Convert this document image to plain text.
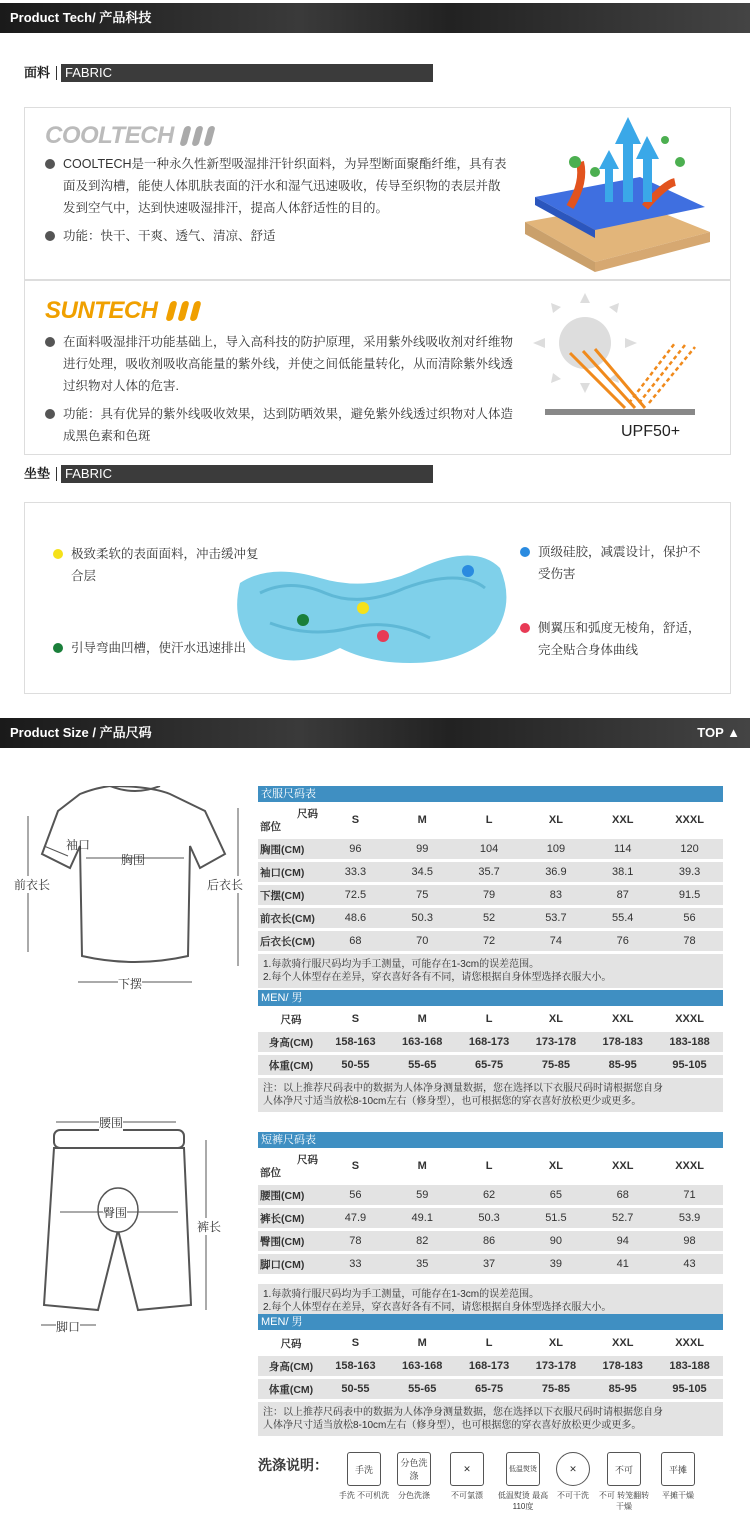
Product Tech/ 产品科技
面料	FABRIC
COOLTECH
COOLTECH是一种永久性新型吸湿排汗针织面料，为异型断面聚酯纤维，具有表面及到沟槽，能使人体肌肤表面的汗水和湿气迅速吸收，传导至织物的表层并散发到空气中，达到快速吸湿排汗，提高人体舒适性的目的。
功能：快干、干爽、透气、清凉、舒适
SUNTECH
在面料吸湿排汗功能基础上，导入高科技的防护原理，采用紫外线吸收剂对纤维物进行处理，吸收剂吸收高能量的紫外线，并使之间低能量转化，从而清除紫外线透过织物对人体的危害.
功能：具有优异的紫外线吸收效果，达到防晒效果，避免紫外线透过织物对人体造成黑色素和色斑	UPF50+
坐垫	FABRIC
极致柔软的表面面料，冲击缓冲复合层
引导弯曲凹槽，使汗水迅速排出
顶级硅胶，减震设计，保护不受伤害
侧翼压和弧度无棱角，舒适，完全贴合身体曲线
Product Size / 产品尺码	TOP ▲
袖口
胸围
前衣长	后衣长
下摆
腰围
臀围
裤长
脚口
衣服尺码表
尺码
部位
S	M	L	XL	XXL	XXXL
胸围(CM)	96	99	104	109	114	120
袖口(CM)	33.3	34.5	35.7	36.9	38.1	39.3
下摆(CM)	72.5	75	79	83	87	91.5
前衣长(CM)	48.6	50.3	52	53.7	55.4	56
后衣长(CM)	68	70	72	74	76	78
1.每款骑行服尺码均为手工测量，可能存在1-3cm的误差范围。
2.每个人体型存在差异，穿衣喜好各有不同，请您根据自身体型选择衣服大小。
MEN/ 男
尺码	S	M	L	XL	XXL	XXXL
身高(CM)	158-163	163-168	168-173	173-178	178-183	183-188
体重(CM)	50-55	55-65	65-75	75-85	85-95	95-105
注：以上推荐尺码表中的数据为人体净身测量数据，您在选择以下衣服尺码时请根据您自身
人体净尺寸适当放松8-10cm左右（修身型），也可根据您的穿衣喜好放松更少或更多。
短裤尺码表
尺码
部位
S	M	L	XL	XXL	XXXL
腰围(CM)	56	59	62	65	68	71
裤长(CM)	47.9	49.1	50.3	51.5	52.7	53.9
臀围(CM)	78	82	86	90	94	98
脚口(CM)	33	35	37	39	41	43
1.每款骑行服尺码均为手工测量，可能存在1-3cm的误差范围。
2.每个人体型存在差异，穿衣喜好各有不同，请您根据自身体型选择衣服大小。
MEN/ 男
尺码	S	M	L	XL	XXL	XXXL
身高(CM)	158-163	163-168	168-173	173-178	178-183	183-188
体重(CM)	50-55	55-65	65-75	75-85	85-95	95-105
注：以上推荐尺码表中的数据为人体净身测量数据，您在选择以下衣服尺码时请根据您自身
人体净尺寸适当放松8-10cm左右（修身型），也可根据您的穿衣喜好放松更少或更多。
洗涤说明：	手洗
手洗 不可机洗
分色洗涤
分色洗涤
✕
不可氯漂
低温熨烫
低温熨烫 最高110度
✕
不可干洗
不可
不可 转笼翻转干燥
平摊
平摊干燥
